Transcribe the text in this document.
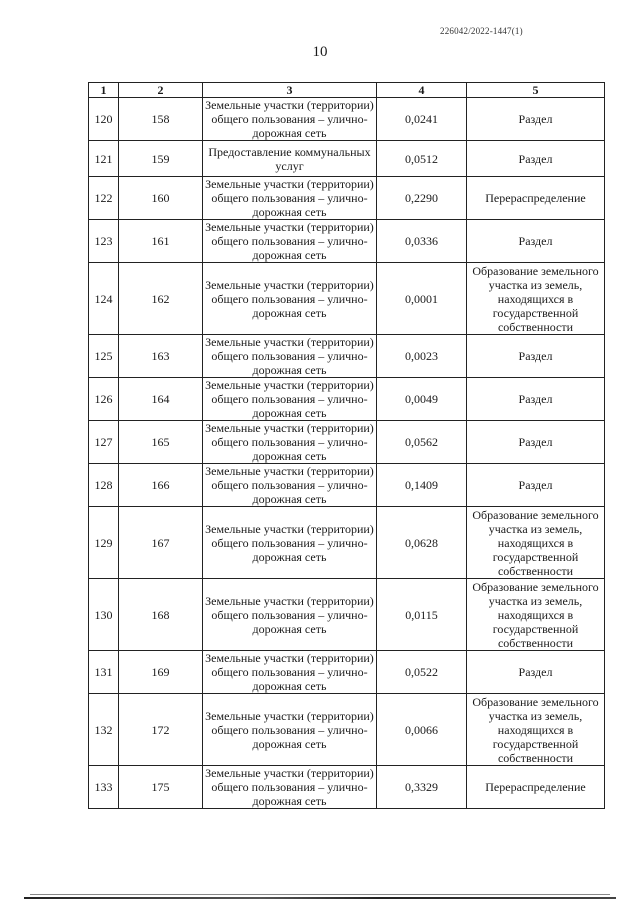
226042/2022-1447(1)
10
1	2	3	4	5
120	158	Земельные участки (территории) общего пользования – улично-дорожная сеть	0,0241	Раздел
121	159	Предоставление коммунальных услуг	0,0512	Раздел
122	160	Земельные участки (территории) общего пользования – улично-дорожная сеть	0,2290	Перераспределение
123	161	Земельные участки (территории) общего пользования – улично-дорожная сеть	0,0336	Раздел
124	162	Земельные участки (территории) общего пользования – улично-дорожная сеть	0,0001	Образование земельного участка из земель, находящихся в государственной собственности
125	163	Земельные участки (территории) общего пользования – улично-дорожная сеть	0,0023	Раздел
126	164	Земельные участки (территории) общего пользования – улично-дорожная сеть	0,0049	Раздел
127	165	Земельные участки (территории) общего пользования – улично-дорожная сеть	0,0562	Раздел
128	166	Земельные участки (территории) общего пользования – улично-дорожная сеть	0,1409	Раздел
129	167	Земельные участки (территории) общего пользования – улично-дорожная сеть	0,0628	Образование земельного участка из земель, находящихся в государственной собственности
130	168	Земельные участки (территории) общего пользования – улично-дорожная сеть	0,0115	Образование земельного участка из земель, находящихся в государственной собственности
131	169	Земельные участки (территории) общего пользования – улично-дорожная сеть	0,0522	Раздел
132	172	Земельные участки (территории) общего пользования – улично-дорожная сеть	0,0066	Образование земельного участка из земель, находящихся в государственной собственности
133	175	Земельные участки (территории) общего пользования – улично-дорожная сеть	0,3329	Перераспределение
